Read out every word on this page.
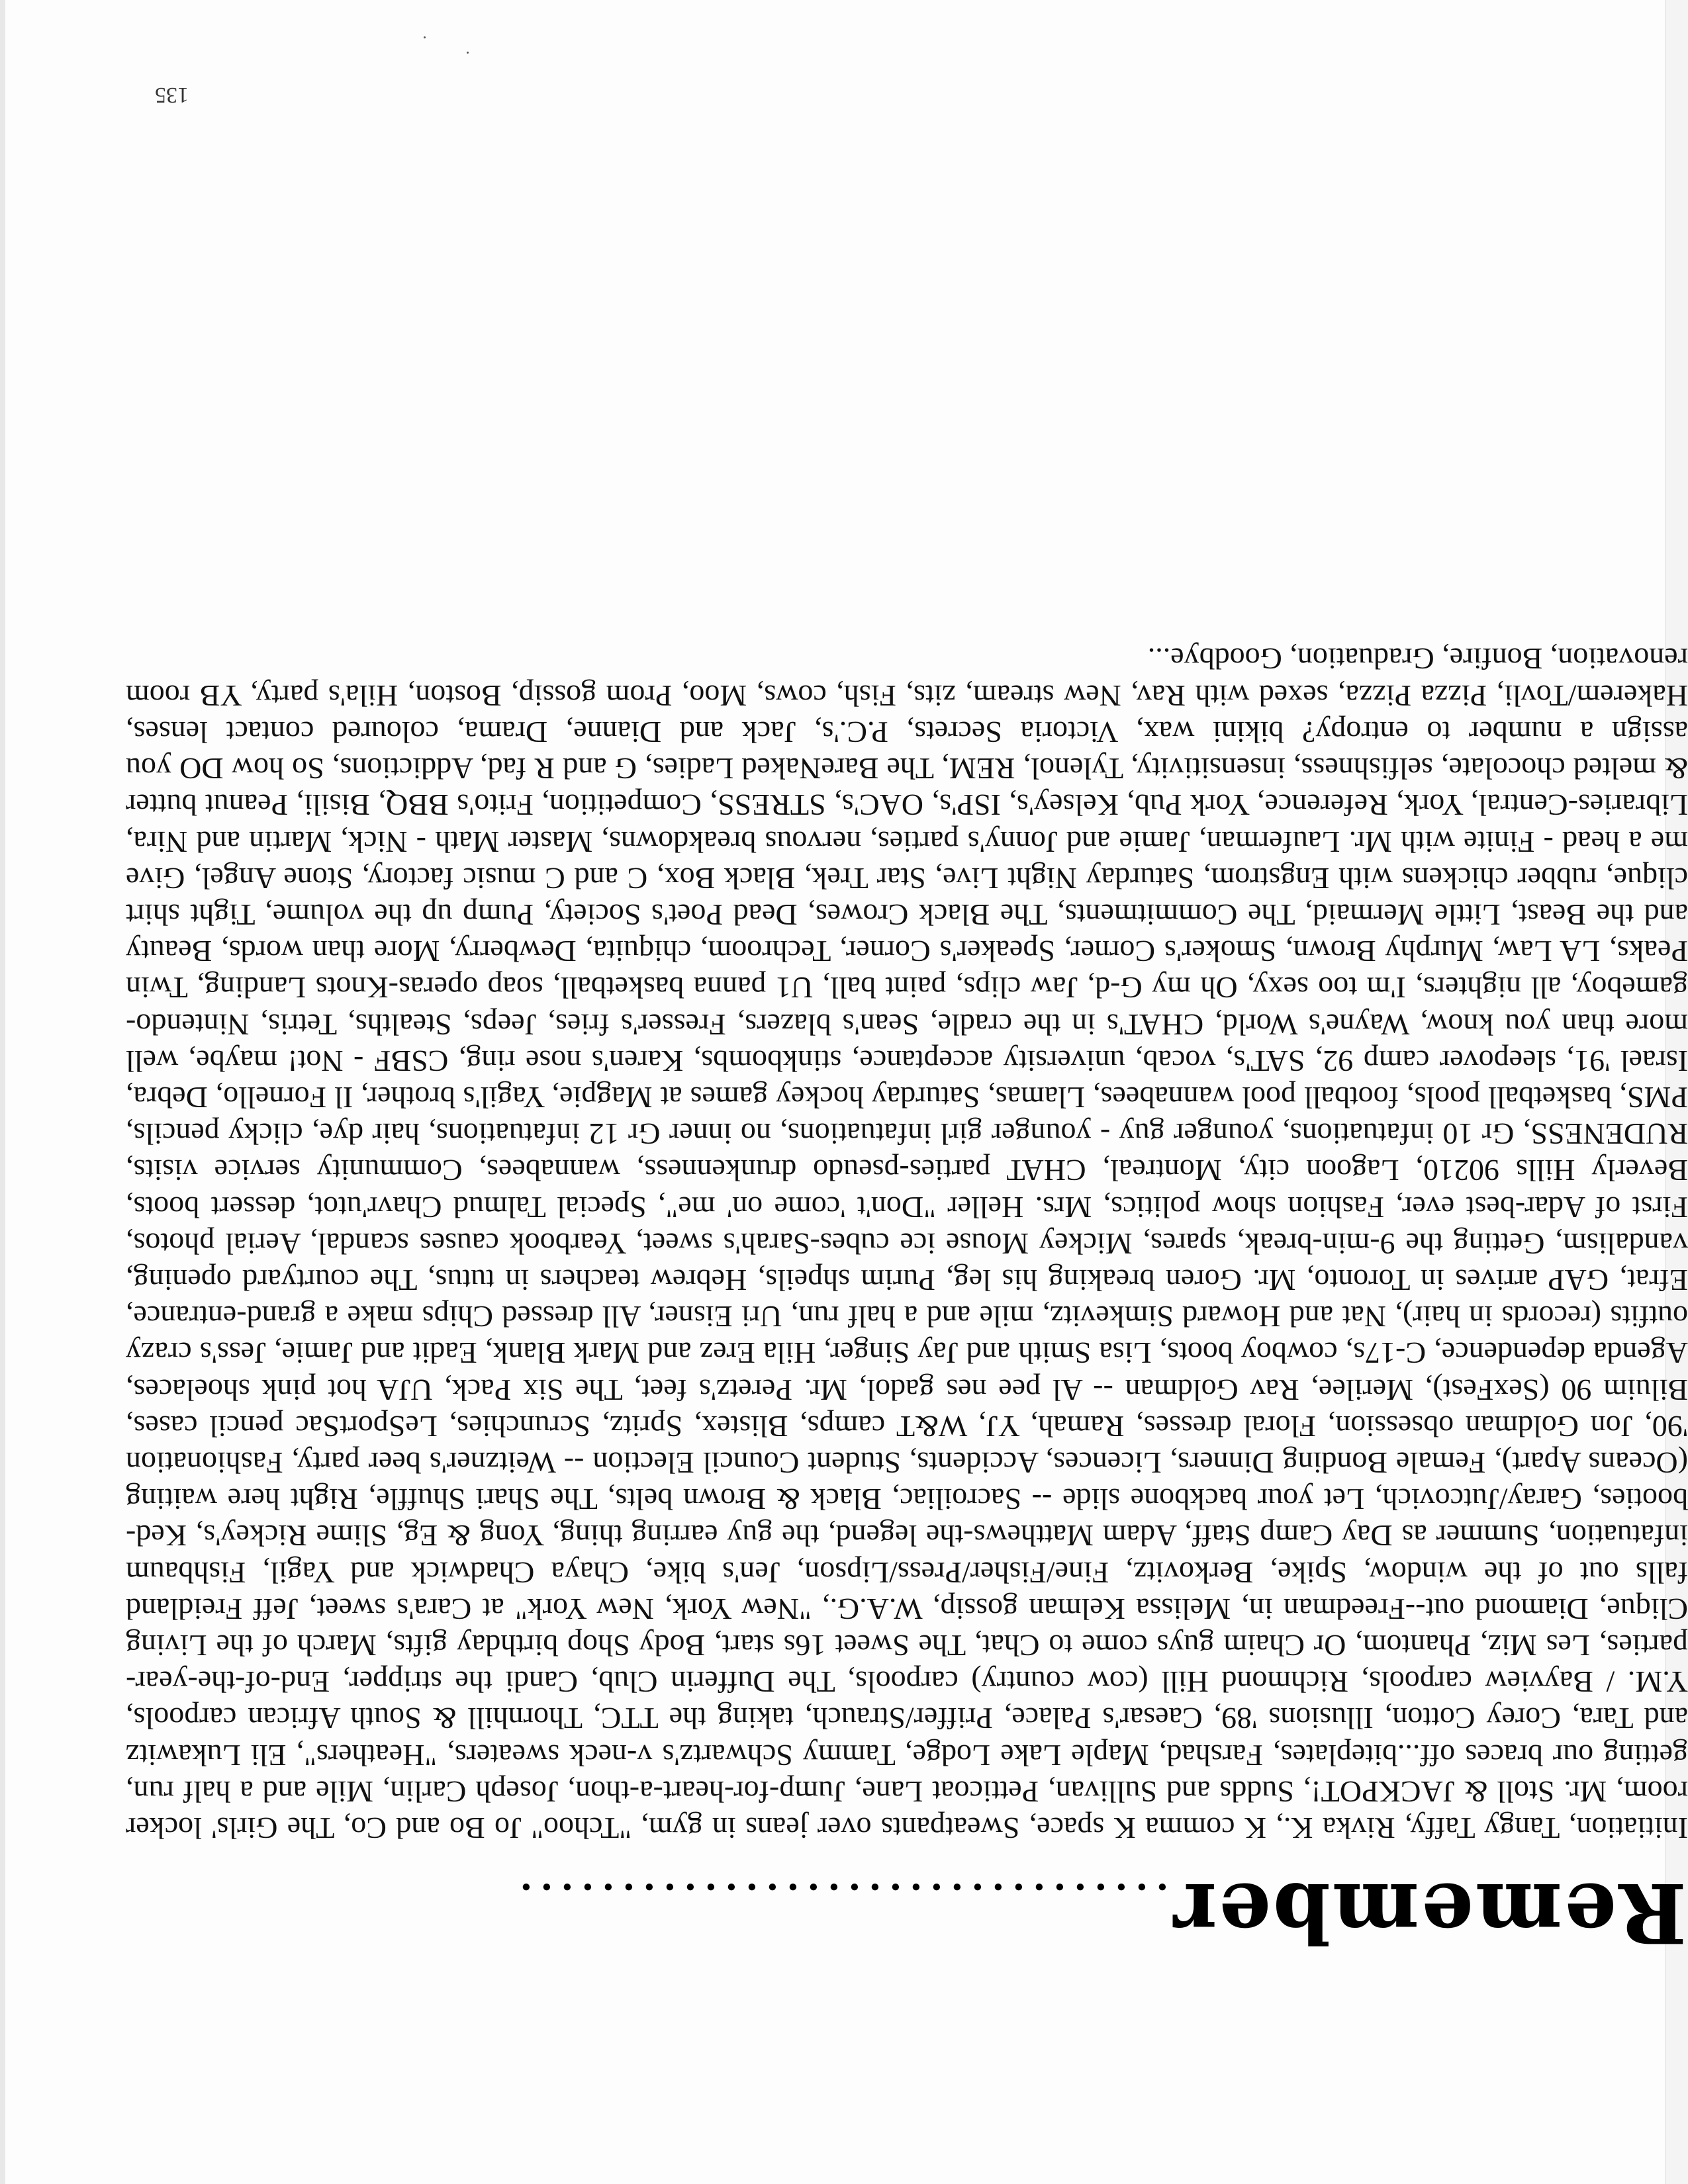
Remember................................

Initiation, Tangy Taffy, Rivka K., K comma K space, Sweatpants over jeans in gym, "Tchoo" Jo Bo and Co, The Girls' locker room, Mr. Stoll & JACKPOT!, Sudds and Sullivan, Petticoat Lane, Jump-for-heart-a-thon, Joseph Carlin, Mile and a half run, getting our braces off...biteplates, Farshad, Maple Lake Lodge, Tammy Schwartz's v-neck sweaters, "Heathers", Eli Lukawitz and Tara, Corey Cotton, Illusions '89, Caesar's Palace, Priffer/Strauch, taking the TTC, Thornhill & South African carpools, Y.M. / Bayview carpools, Richmond Hill (cow country) carpools, The Dufferin Club, Candi the stripper, End-of-the-year-parties, Les Miz, Phantom, Or Chaim guys come to Chat, The Sweet 16s start, Body Shop birthday gifts, March of the Living Clique, Diamond out--Freedman in, Melissa Kelman gossip, W.A.G., "New York, New York" at Cara's sweet, Jeff Freidland falls out of the window, Spike, Berkovitz, Fine/Fisher/Press/Lipson, Jen's bike, Chaya Chadwick and Yagil, Fishbaum infatuation, Summer as Day Camp Staff, Adam Matthews-the legend, the guy earring thing, Yong & Eg, Slime Rickey's, Ked-booties, Garay/Jutcovich, Let your backbone slide -- Sacroiliac, Black & Brown belts, The Shari Shuffle, Right here waiting (Oceans Apart), Female Bonding Dinners, Licences, Accidents, Student Council Election -- Weitzner's beer party, Fashionation '90, Jon Goldman obsession, Floral dresses, Ramah, YJ, W&T camps, Blistex, Spritz, Scrunchies, LeSportSac pencil cases, Biluim 90 (SexFest), Merilee, Rav Goldman -- Al pee nes gadol, Mr. Peretz's feet, The Six Pack, UJA hot pink shoelaces, Agenda dependence, C-17s, cowboy boots, Lisa Smith and Jay Singer, Hila Erez and Mark Blank, Eadit and Jamie, Jess's crazy outfits (records in hair), Nat and Howard Simkevitz, mile and a half run, Uri Eisner, All dressed Chips make a grand-entrance, Efrat, GAP arrives in Toronto, Mr. Goren breaking his leg, Purim shpeils, Hebrew teachers in tutus, The courtyard opening, vandalism, Getting the 9-min-break, spares, Mickey Mouse ice cubes-Sarah's sweet, Yearbook causes scandal, Aerial photos, First of Adar-best ever, Fashion show politics, Mrs. Heller "Don't 'come on' me", Special Talmud Chavr'utot, dessert boots, Beverly Hills 90210, Lagoon city, Montreal, CHAT parties-pseudo drunkenness, wannabees, Community service visits, RUDENESS, Gr 10 infatuations, younger guy - younger girl infatuations, no inner Gr 12 infatuations, hair dye, clicky pencils, PMS, basketball pools, football pool wannabees, Llamas, Saturday hockey games at Magpie, Yagil's brother, Il Fornello, Debra, Israel '91, sleepover camp 92, SAT's, vocab, university acceptance, stinkbombs, Karen's nose ring, CSBF - Not! maybe, well more than you know, Wayne's World, CHAT's in the cradle, Sean's blazers, Fresser's fries, Jeeps, Stealths, Tetris, Nintendo- gameboy, all nighters, I'm too sexy, Oh my G-d, Jaw clips, paint ball, U1 panna basketball, soap operas-Knots Landing, Twin Peaks, LA Law, Murphy Brown, Smoker's Corner, Speaker's Corner, Techroom, chiquita, Dewberry, More than words, Beauty and the Beast, Little Mermaid, The Commitments, The Black Crowes, Dead Poet's Society, Pump up the volume, Tight shirt clique, rubber chickens with Engstrom, Saturday Night Live, Star Trek, Black Box, C and C music factory, Stone Angel, Give me a head - Finite with Mr. Lauferman, Jamie and Jonny's parties, nervous breakdowns, Master Math - Nick, Martin and Nira, Libraries-Central, York, Reference, York Pub, Kelsey's, ISP's, OAC's, STRESS, Competition, Frito's BBQ, Bisili, Peanut butter & melted chocolate, selfishness, insensitivity, Tylenol, REM, The BareNaked Ladies, G and R fad, Addictions, So how DO you assign a number to entropy? bikini wax, Victoria Secrets, P.C.'s, Jack and Dianne, Drama, coloured contact lenses, Hakerem/Tovli, Pizza Pizza, sexed with Rav, New stream, zits, Fish, cows, Moo, Prom gossip, Boston, Hila's party, YB room renovation, Bonfire, Graduation, Goodbye...

135
